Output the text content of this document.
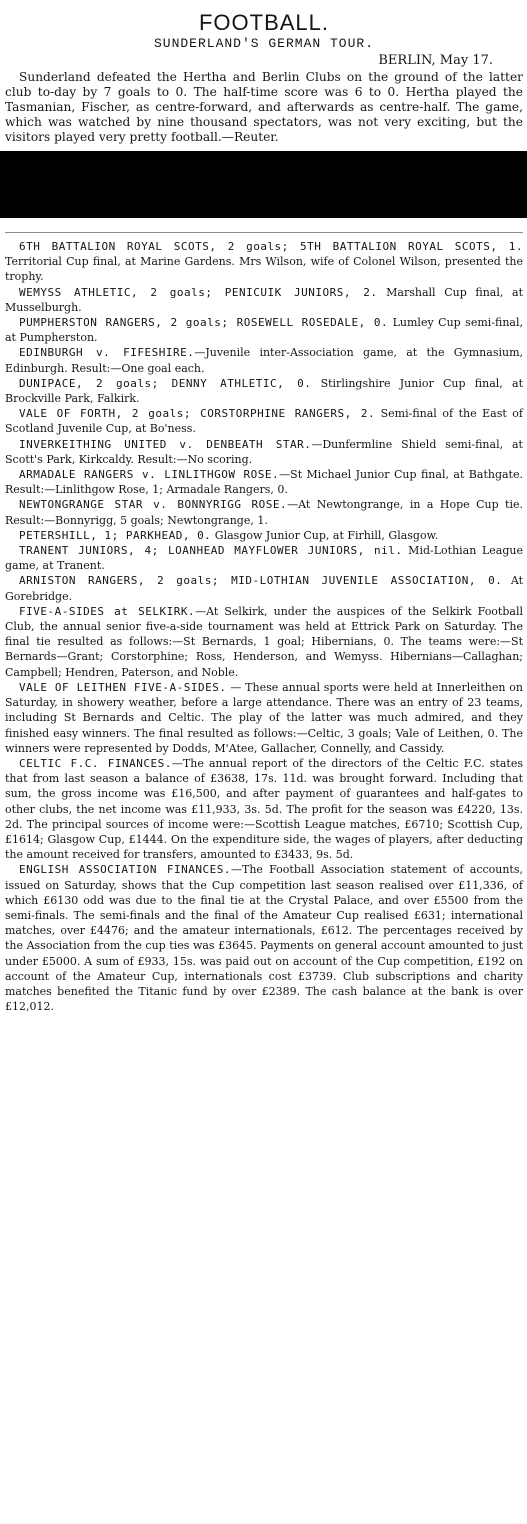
FOOTBALL.
SUNDERLAND'S GERMAN TOUR.
BERLIN, May 17.

Sunderland defeated the Hertha and Berlin Clubs on the ground of the latter club to-day by 7 goals to 0. The half-time score was 6 to 0. Hertha played the Tasmanian, Fischer, as centre-forward, and afterwards as centre-half. The game, which was watched by nine thousand spectators, was not very exciting, but the visitors played very pretty football.—Reuter.

6TH BATTALION ROYAL SCOTS, 2 goals; 5TH BATTALION ROYAL SCOTS, 1. Territorial Cup final, at Marine Gardens. Mrs Wilson, wife of Colonel Wilson, presented the trophy.

WEMYSS ATHLETIC, 2 goals; PENICUIK JUNIORS, 2. Marshall Cup final, at Musselburgh.

PUMPHERSTON RANGERS, 2 goals; ROSEWELL ROSEDALE, 0. Lumley Cup semi-final, at Pumpherston.

EDINBURGH v. FIFESHIRE.—Juvenile inter-Association game, at the Gymnasium, Edinburgh. Result:—One goal each.

DUNIPACE, 2 goals; DENNY ATHLETIC, 0. Stirlingshire Junior Cup final, at Brockville Park, Falkirk.

VALE OF FORTH, 2 goals; CORSTORPHINE RANGERS, 2. Semi-final of the East of Scotland Juvenile Cup, at Bo'ness.

INVERKEITHING UNITED v. DENBEATH STAR.—Dunfermline Shield semi-final, at Scott's Park, Kirkcaldy. Result:—No scoring.

ARMADALE RANGERS v. LINLITHGOW ROSE.—St Michael Junior Cup final, at Bathgate. Result:—Linlithgow Rose, 1; Armadale Rangers, 0.

NEWTONGRANGE STAR v. BONNYRIGG ROSE.—At Newtongrange, in a Hope Cup tie. Result:—Bonnyrigg, 5 goals; Newtongrange, 1.

PETERSHILL, 1; PARKHEAD, 0. Glasgow Junior Cup, at Firhill, Glasgow.

TRANENT JUNIORS, 4; LOANHEAD MAYFLOWER JUNIORS, nil. Mid-Lothian League game, at Tranent.

ARNISTON RANGERS, 2 goals; MID-LOTHIAN JUVENILE ASSOCIATION, 0. At Gorebridge.

FIVE-A-SIDES at SELKIRK.—At Selkirk, under the auspices of the Selkirk Football Club, the annual senior five-a-side tournament was held at Ettrick Park on Saturday. The final tie resulted as follows:—St Bernards, 1 goal; Hibernians, 0. The teams were:—St Bernards—Grant; Corstorphine; Ross, Henderson, and Wemyss. Hibernians—Callaghan; Campbell; Hendren, Paterson, and Noble.

VALE OF LEITHEN FIVE-A-SIDES. — These annual sports were held at Innerleithen on Saturday, in showery weather, before a large attendance. There was an entry of 23 teams, including St Bernards and Celtic. The play of the latter was much admired, and they finished easy winners. The final resulted as follows:—Celtic, 3 goals; Vale of Leithen, 0. The winners were represented by Dodds, M'Atee, Gallacher, Connelly, and Cassidy.

CELTIC F.C. FINANCES.—The annual report of the directors of the Celtic F.C. states that from last season a balance of £3638, 17s. 11d. was brought forward. Including that sum, the gross income was £16,500, and after payment of guarantees and half-gates to other clubs, the net income was £11,933, 3s. 5d. The profit for the season was £4220, 13s. 2d. The principal sources of income were:—Scottish League matches, £6710; Scottish Cup, £1614; Glasgow Cup, £1444. On the expenditure side, the wages of players, after deducting the amount received for transfers, amounted to £3433, 9s. 5d.

ENGLISH ASSOCIATION FINANCES.—The Football Association statement of accounts, issued on Saturday, shows that the Cup competition last season realised over £11,336, of which £6130 odd was due to the final tie at the Crystal Palace, and over £5500 from the semi-finals. The semi-finals and the final of the Amateur Cup realised £631; international matches, over £4476; and the amateur internationals, £612. The percentages received by the Association from the cup ties was £3645. Payments on general account amounted to just under £5000. A sum of £933, 15s. was paid out on account of the Cup competition, £192 on account of the Amateur Cup, internationals cost £3739. Club subscriptions and charity matches benefited the Titanic fund by over £2389. The cash balance at the bank is over £12,012.
